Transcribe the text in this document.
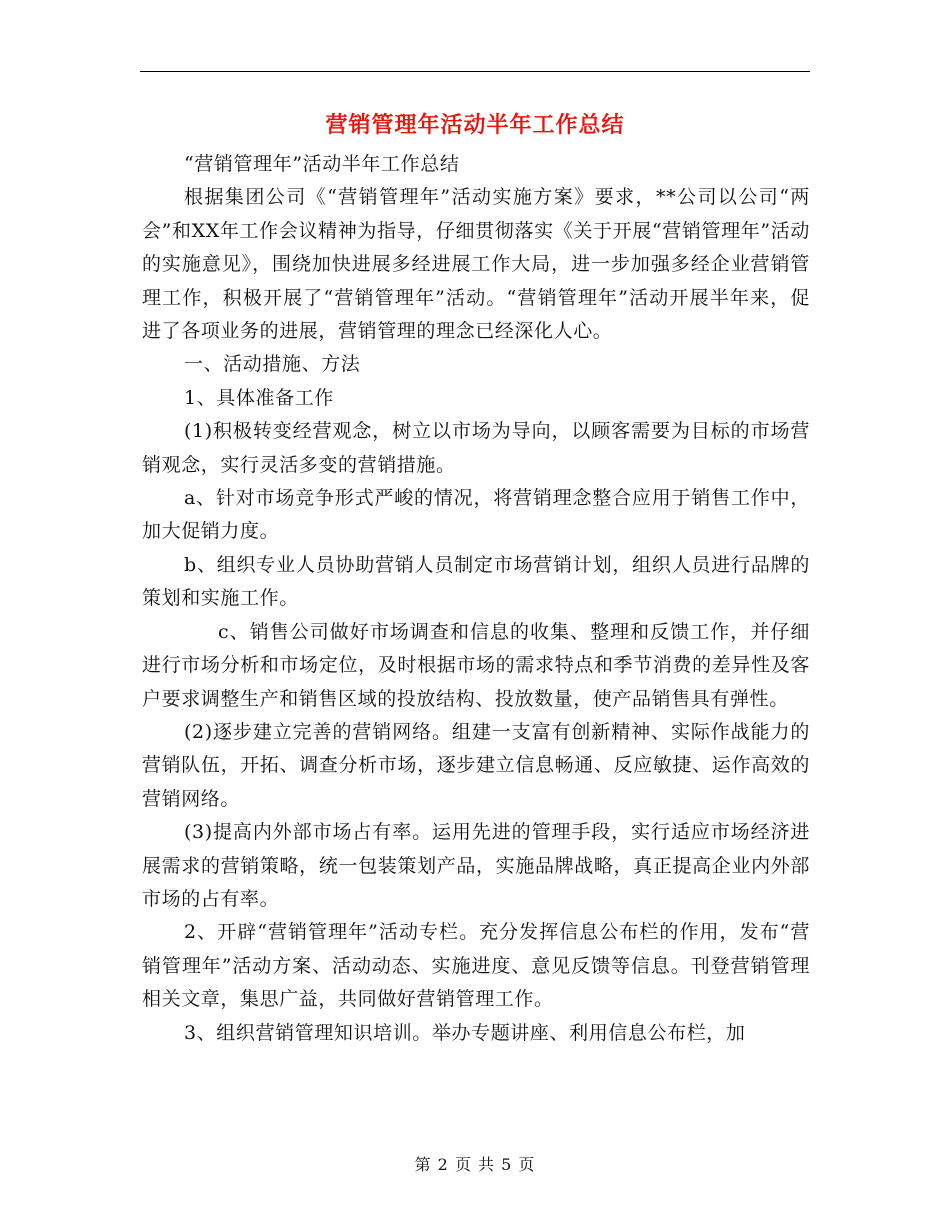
营销管理年活动半年工作总结

“营销管理年”活动半年工作总结

根据集团公司《“营销管理年”活动实施方案》要求，**公司以公司“两会”和XX年工作会议精神为指导，仔细贯彻落实《关于开展“营销管理年”活动的实施意见》，围绕加快进展多经进展工作大局，进一步加强多经企业营销管理工作，积极开展了“营销管理年”活动。“营销管理年”活动开展半年来，促进了各项业务的进展，营销管理的理念已经深化人心。

一、活动措施、方法

1、具体准备工作

(1)积极转变经营观念，树立以市场为导向，以顾客需要为目标的市场营销观念，实行灵活多变的营销措施。

a、针对市场竞争形式严峻的情况，将营销理念整合应用于销售工作中，加大促销力度。

b、组织专业人员协助营销人员制定市场营销计划，组织人员进行品牌的策划和实施工作。

c、销售公司做好市场调查和信息的收集、整理和反馈工作，并仔细进行市场分析和市场定位，及时根据市场的需求特点和季节消费的差异性及客户要求调整生产和销售区域的投放结构、投放数量，使产品销售具有弹性。

(2)逐步建立完善的营销网络。组建一支富有创新精神、实际作战能力的营销队伍，开拓、调查分析市场，逐步建立信息畅通、反应敏捷、运作高效的营销网络。

(3)提高内外部市场占有率。运用先进的管理手段，实行适应市场经济进展需求的营销策略，统一包装策划产品，实施品牌战略，真正提高企业内外部市场的占有率。

2、开辟“营销管理年”活动专栏。充分发挥信息公布栏的作用，发布“营销管理年”活动方案、活动动态、实施进度、意见反馈等信息。刊登营销管理相关文章，集思广益，共同做好营销管理工作。

3、组织营销管理知识培训。举办专题讲座、利用信息公布栏，加

第 2 页 共 5 页
